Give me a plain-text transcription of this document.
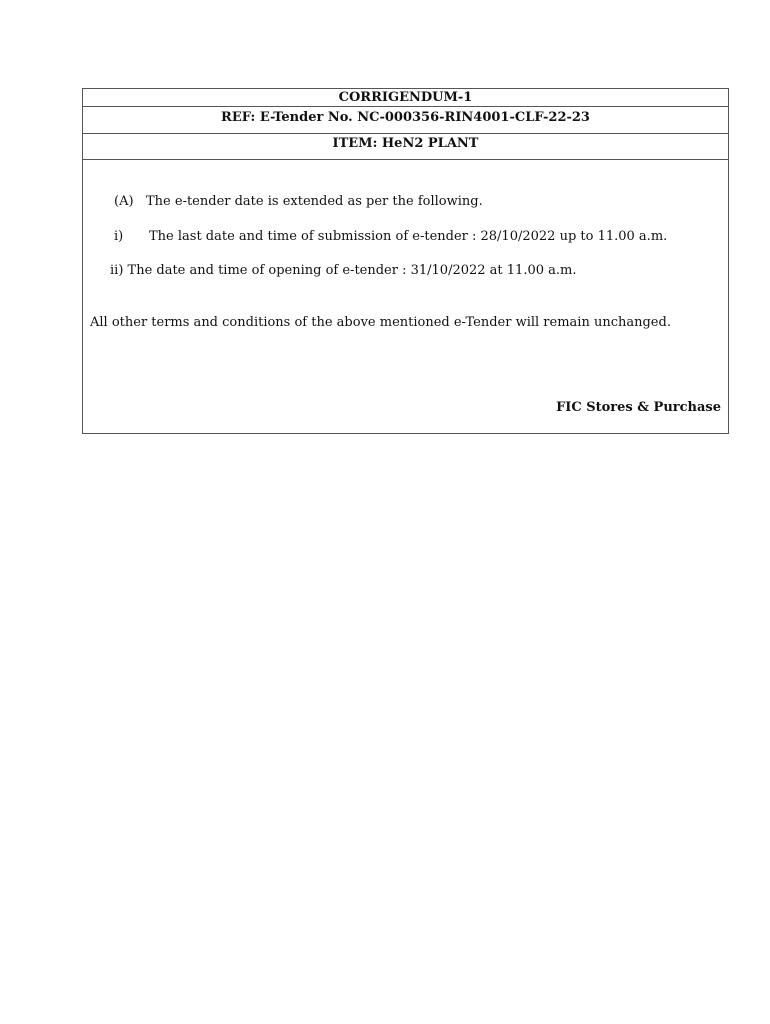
CORRIGENDUM-1
REF: E-Tender No. NC-000356-RIN4001-CLF-22-23
ITEM: HeN2 PLANT
(A) The e-tender date is extended as per the following.
i) The last date and time of submission of e-tender : 28/10/2022 up to 11.00 a.m.
ii) The date and time of opening of e-tender : 31/10/2022 at 11.00 a.m.
All other terms and conditions of the above mentioned e-Tender will remain unchanged.
FIC Stores & Purchase
